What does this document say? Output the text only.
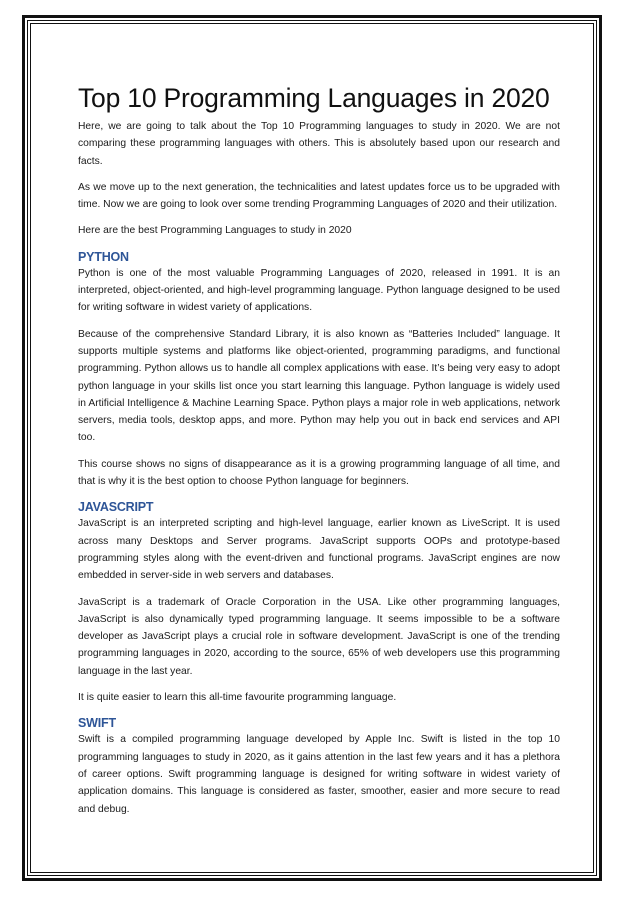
Top 10 Programming Languages in 2020

Here, we are going to talk about the Top 10 Programming languages to study in 2020. We are not comparing these programming languages with others. This is absolutely based upon our research and facts.

As we move up to the next generation, the technicalities and latest updates force us to be upgraded with time. Now we are going to look over some trending Programming Languages of 2020 and their utilization.

Here are the best Programming Languages to study in 2020

PYTHON

Python is one of the most valuable Programming Languages of 2020, released in 1991. It is an interpreted, object-oriented, and high-level programming language. Python language designed to be used for writing software in widest variety of applications.

Because of the comprehensive Standard Library, it is also known as “Batteries Included” language. It supports multiple systems and platforms like object-oriented, programming paradigms, and functional programming. Python allows us to handle all complex applications with ease. It’s being very easy to adopt python language in your skills list once you start learning this language. Python language is widely used in Artificial Intelligence & Machine Learning Space. Python plays a major role in web applications, network servers, media tools, desktop apps, and more. Python may help you out in back end services and API too.

This course shows no signs of disappearance as it is a growing programming language of all time, and that is why it is the best option to choose Python language for beginners.

JAVASCRIPT

JavaScript is an interpreted scripting and high-level language, earlier known as LiveScript. It is used across many Desktops and Server programs. JavaScript supports OOPs and prototype-based programming styles along with the event-driven and functional programs. JavaScript engines are now embedded in server-side in web servers and databases.

JavaScript is a trademark of Oracle Corporation in the USA. Like other programming languages, JavaScript is also dynamically typed programming language. It seems impossible to be a software developer as JavaScript plays a crucial role in software development. JavaScript is one of the trending programming languages in 2020, according to the source, 65% of web developers use this programming language in the last year.

It is quite easier to learn this all-time favourite programming language.

SWIFT

Swift is a compiled programming language developed by Apple Inc. Swift is listed in the top 10 programming languages to study in 2020, as it gains attention in the last few years and it has a plethora of career options. Swift programming language is designed for writing software in widest variety of application domains. This language is considered as faster, smoother, easier and more secure to read and debug.
